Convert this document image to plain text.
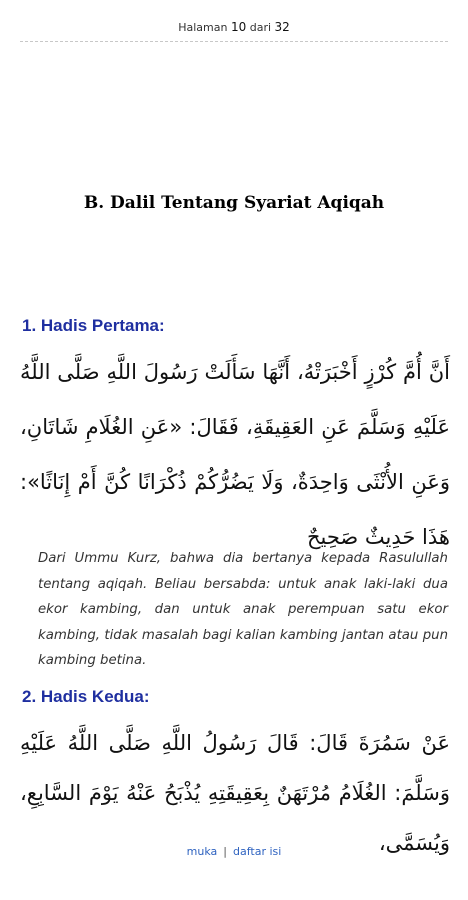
Halaman 10 dari 32
B. Dalil Tentang Syariat Aqiqah
1. Hadis Pertama:
أَنَّ أُمَّ كُرْزٍ أَخْبَرَتْهُ، أَنَّهَا سَأَلَتْ رَسُولَ اللَّهِ صَلَّى اللَّهُ عَلَيْهِ وَسَلَّمَ عَنِ العَقِيقَةِ، فَقَالَ: «عَنِ الغُلَامِ شَاتَانِ، وَعَنِ الأُنْثَى وَاحِدَةٌ، وَلَا يَضُرُّكُمْ ذُكْرَانًا كُنَّ أَمْ إِنَاثًا»: هَذَا حَدِيثٌ صَحِيحٌ
Dari Ummu Kurz, bahwa dia bertanya kepada Rasulullah tentang aqiqah. Beliau bersabda: untuk anak laki-laki dua ekor kambing, dan untuk anak perempuan satu ekor kambing, tidak masalah bagi kalian kambing jantan atau pun kambing betina.
2. Hadis Kedua:
عَنْ سَمُرَةَ قَالَ: قَالَ رَسُولُ اللَّهِ صَلَّى اللَّهُ عَلَيْهِ وَسَلَّمَ: الغُلَامُ مُرْتَهَنٌ بِعَقِيقَتِهِ يُذْبَحُ عَنْهُ يَوْمَ السَّابِعِ، وَيُسَمَّى،
muka | daftar isi
